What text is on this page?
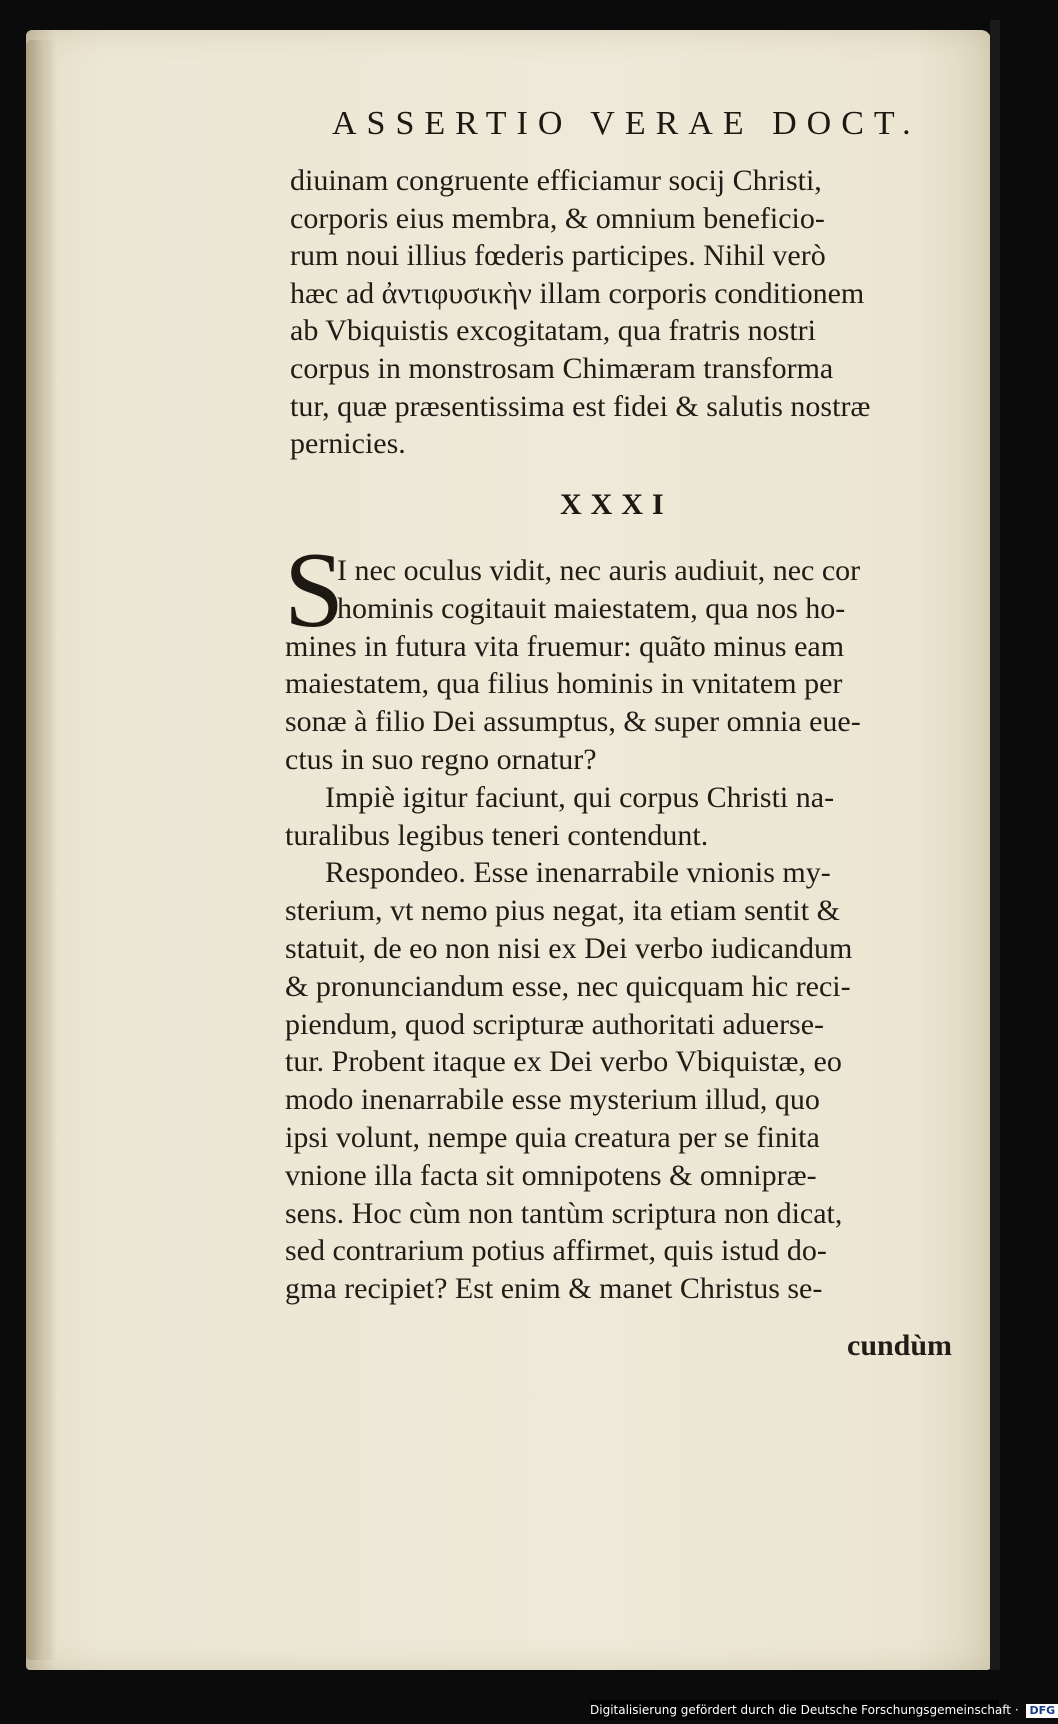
ASSERTIO VERAE DOCT.
diuinam congruente efficiamur socij Christi,
corporis eius membra, & omnium beneficio-
rum noui illius fœderis participes. Nihil verò
hæc ad ἀντιφυσικὴν illam corporis conditionem
ab Vbiquistis excogitatam, qua fratris nostri
corpus in monstrosam Chimæram transforma
tur, quæ præsentissima est fidei & salutis nostræ
pernicies.
XXXI
S
I nec oculus vidit, nec auris audiuit, nec cor
hominis cogitauit maiestatem, qua nos ho-
mines in futura vita fruemur: quãto minus eam
maiestatem, qua filius hominis in vnitatem per
sonæ à filio Dei assumptus, & super omnia eue-
ctus in suo regno ornatur?
Impiè igitur faciunt, qui corpus Christi na-
turalibus legibus teneri contendunt.
Respondeo. Esse inenarrabile vnionis my-
sterium, vt nemo pius negat, ita etiam sentit &
statuit, de eo non nisi ex Dei verbo iudicandum
& pronunciandum esse, nec quicquam hic reci-
piendum, quod scripturæ authoritati aduerse-
tur. Probent itaque ex Dei verbo Vbiquistæ, eo
modo inenarrabile esse mysterium illud, quo
ipsi volunt, nempe quia creatura per se finita
vnione illa facta sit omnipotens & omnipræ-
sens. Hoc cùm non tantùm scriptura non dicat,
sed contrarium potius affirmet, quis istud do-
gma recipiet? Est enim & manet Christus se-
cundùm
Digitalisierung gefördert durch die Deutsche Forschungsgemeinschaft · DFG
